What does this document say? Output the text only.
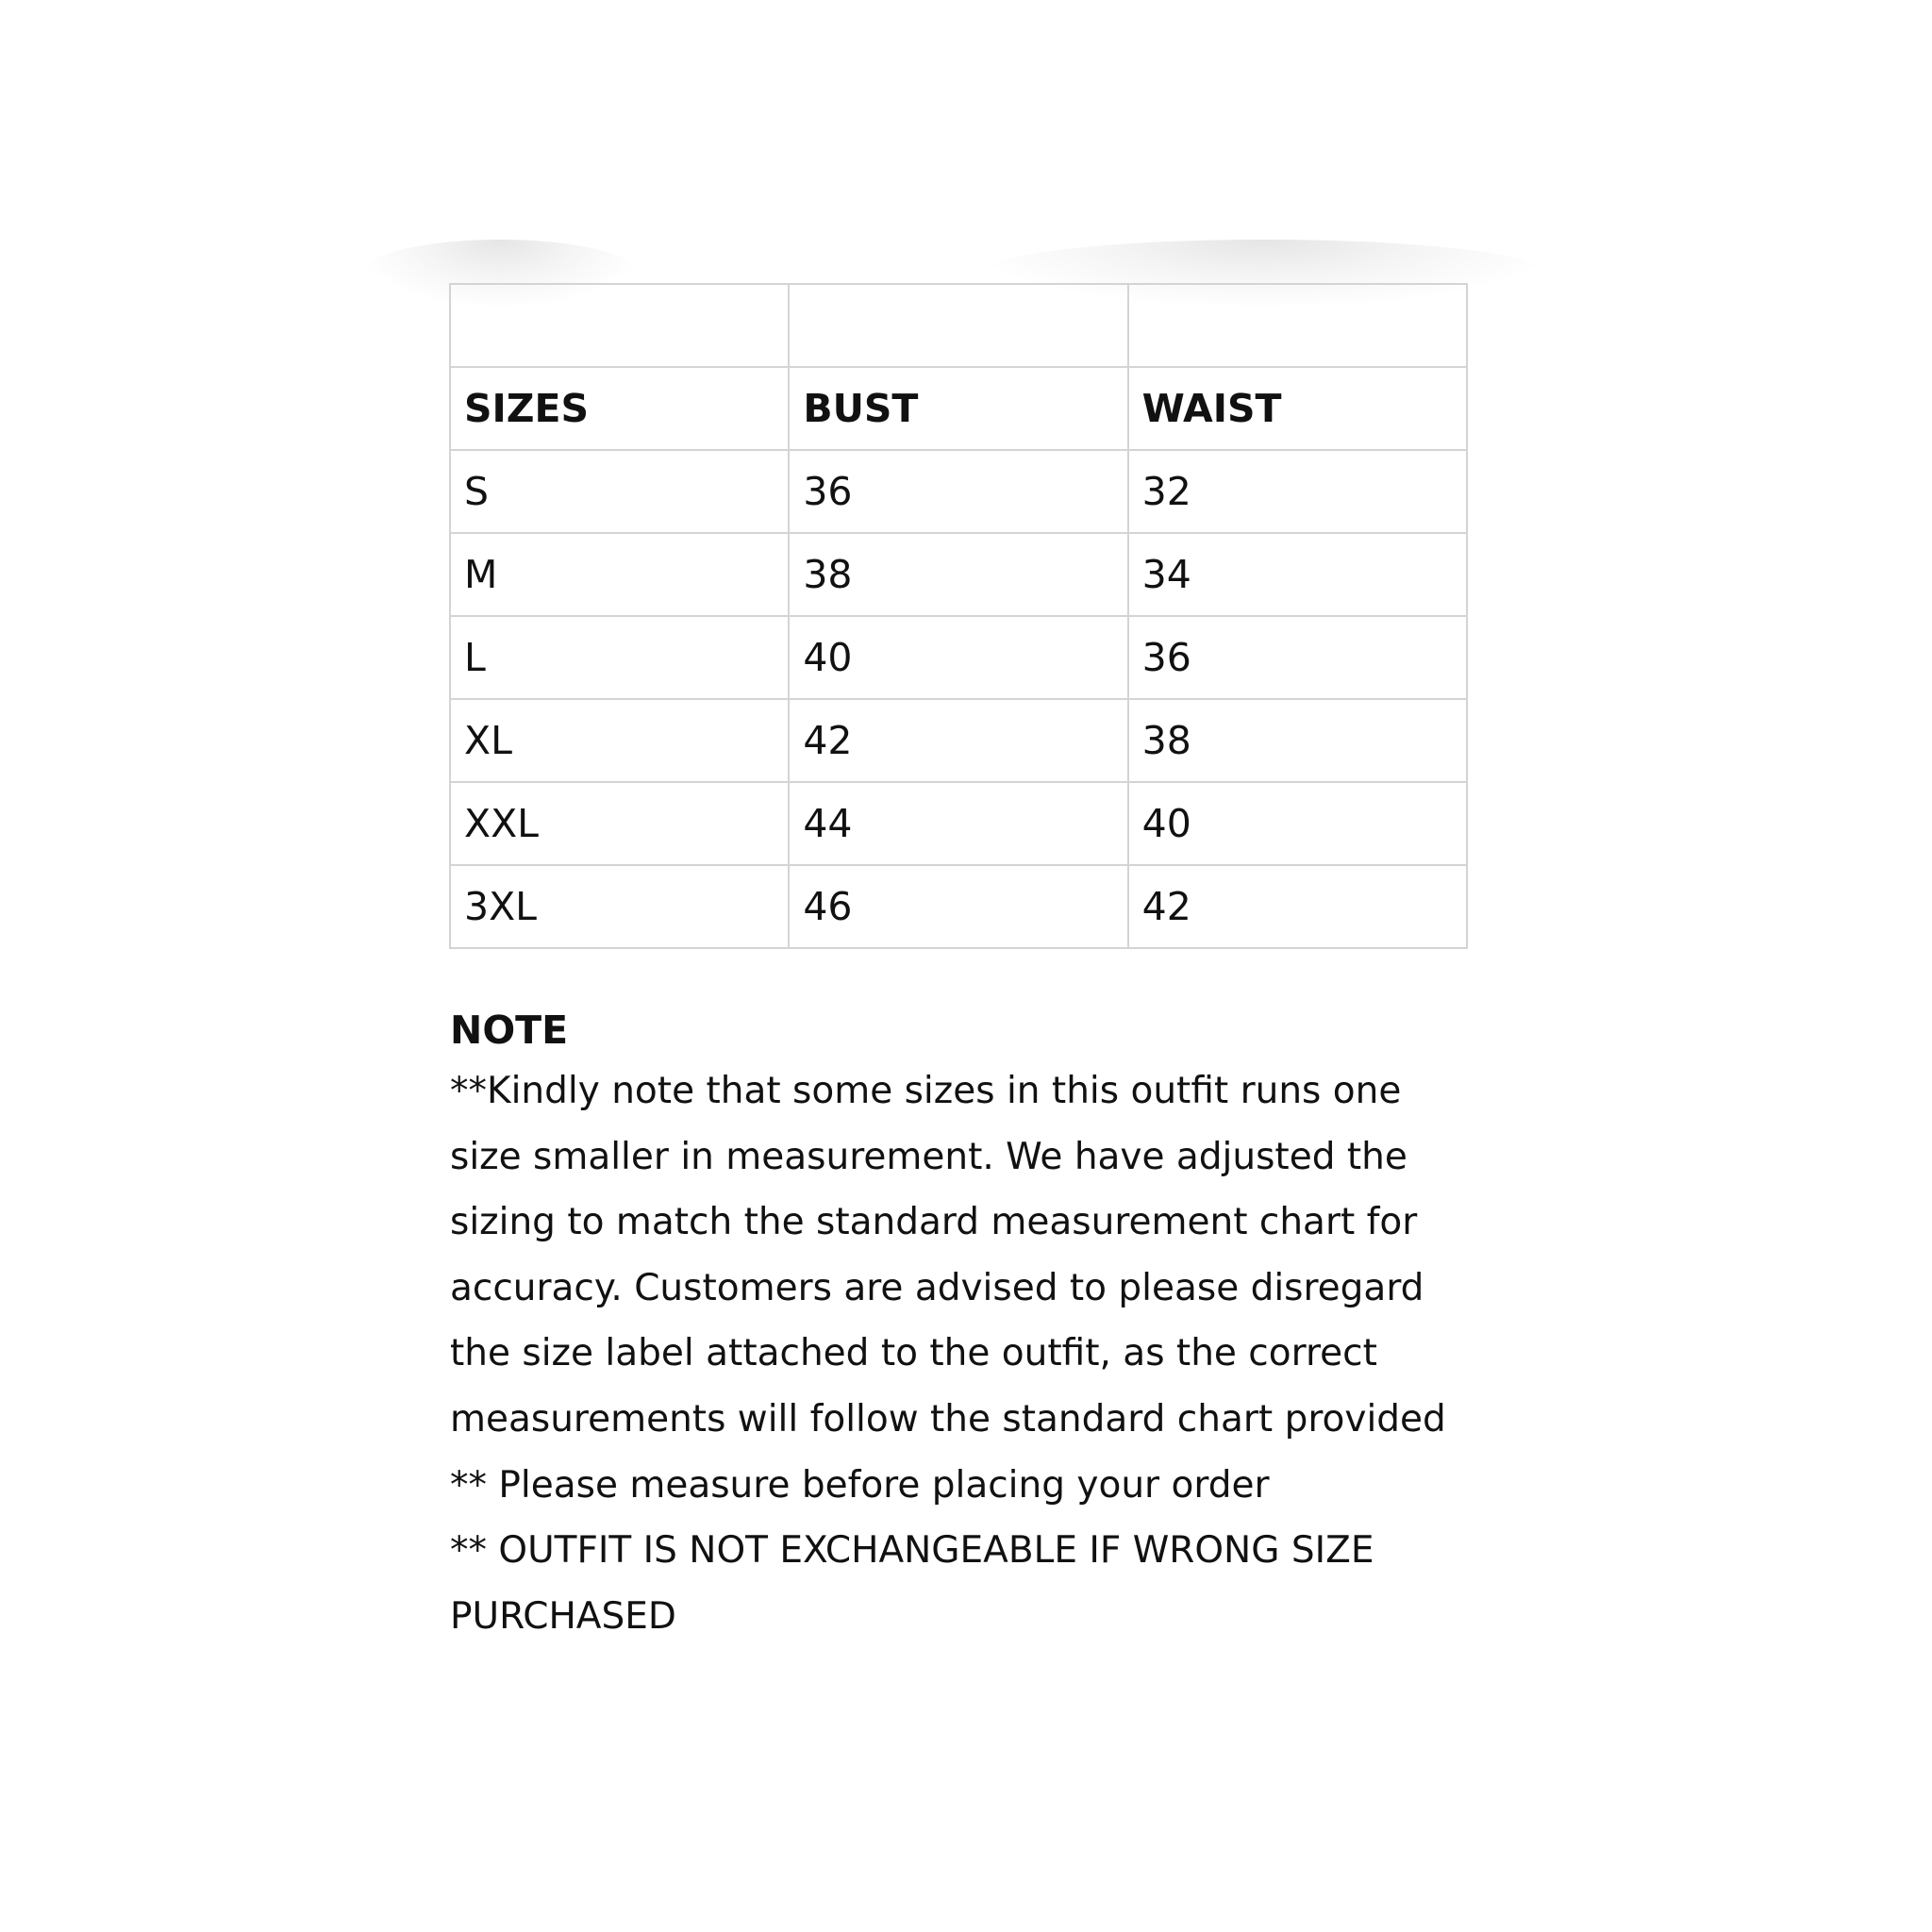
SIZES	BUST	WAIST
S	36	32
M	38	34
L	40	36
XL	42	38
XXL	44	40
3XL	46	42

NOTE

**Kindly note that some sizes in this outfit runs one

size smaller in measurement. We have adjusted the

sizing to match the standard measurement chart for

accuracy. Customers are advised to please disregard

the size label attached to the outfit, as the correct

measurements will follow the standard chart provided

** Please measure before placing your order

** OUTFIT IS NOT EXCHANGEABLE IF WRONG SIZE

PURCHASED
